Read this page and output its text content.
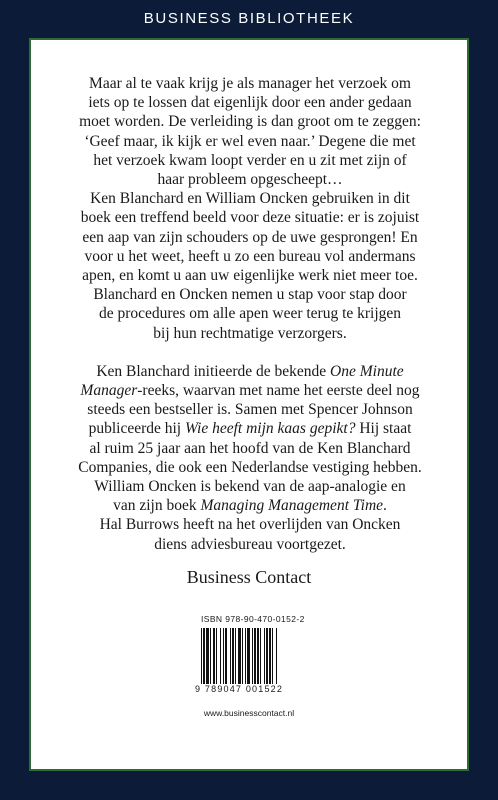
BUSINESS BIBLIOTHEEK
Maar al te vaak krijg je als manager het verzoek om
iets op te lossen dat eigenlijk door een ander gedaan
moet worden. De verleiding is dan groot om te zeggen:
‘Geef maar, ik kijk er wel even naar.’ Degene die met
het verzoek kwam loopt verder en u zit met zijn of
haar probleem opgescheept…
Ken Blanchard en William Oncken gebruiken in dit
boek een treffend beeld voor deze situatie: er is zojuist
een aap van zijn schouders op de uwe gesprongen! En
voor u het weet, heeft u zo een bureau vol andermans
apen, en komt u aan uw eigenlijke werk niet meer toe.
Blanchard en Oncken nemen u stap voor stap door
de procedures om alle apen weer terug te krijgen
bij hun rechtmatige verzorgers.
Ken Blanchard initieerde de bekende One Minute
Manager-reeks, waarvan met name het eerste deel nog
steeds een bestseller is. Samen met Spencer Johnson
publiceerde hij Wie heeft mijn kaas gepikt? Hij staat
al ruim 25 jaar aan het hoofd van de Ken Blanchard
Companies, die ook een Nederlandse vestiging hebben.
William Oncken is bekend van de aap-analogie en
van zijn boek Managing Management Time.
Hal Burrows heeft na het overlijden van Oncken
diens adviesbureau voortgezet.
Business Contact
ISBN 978-90-470-0152-2
9 789047 001522
www.businesscontact.nl
